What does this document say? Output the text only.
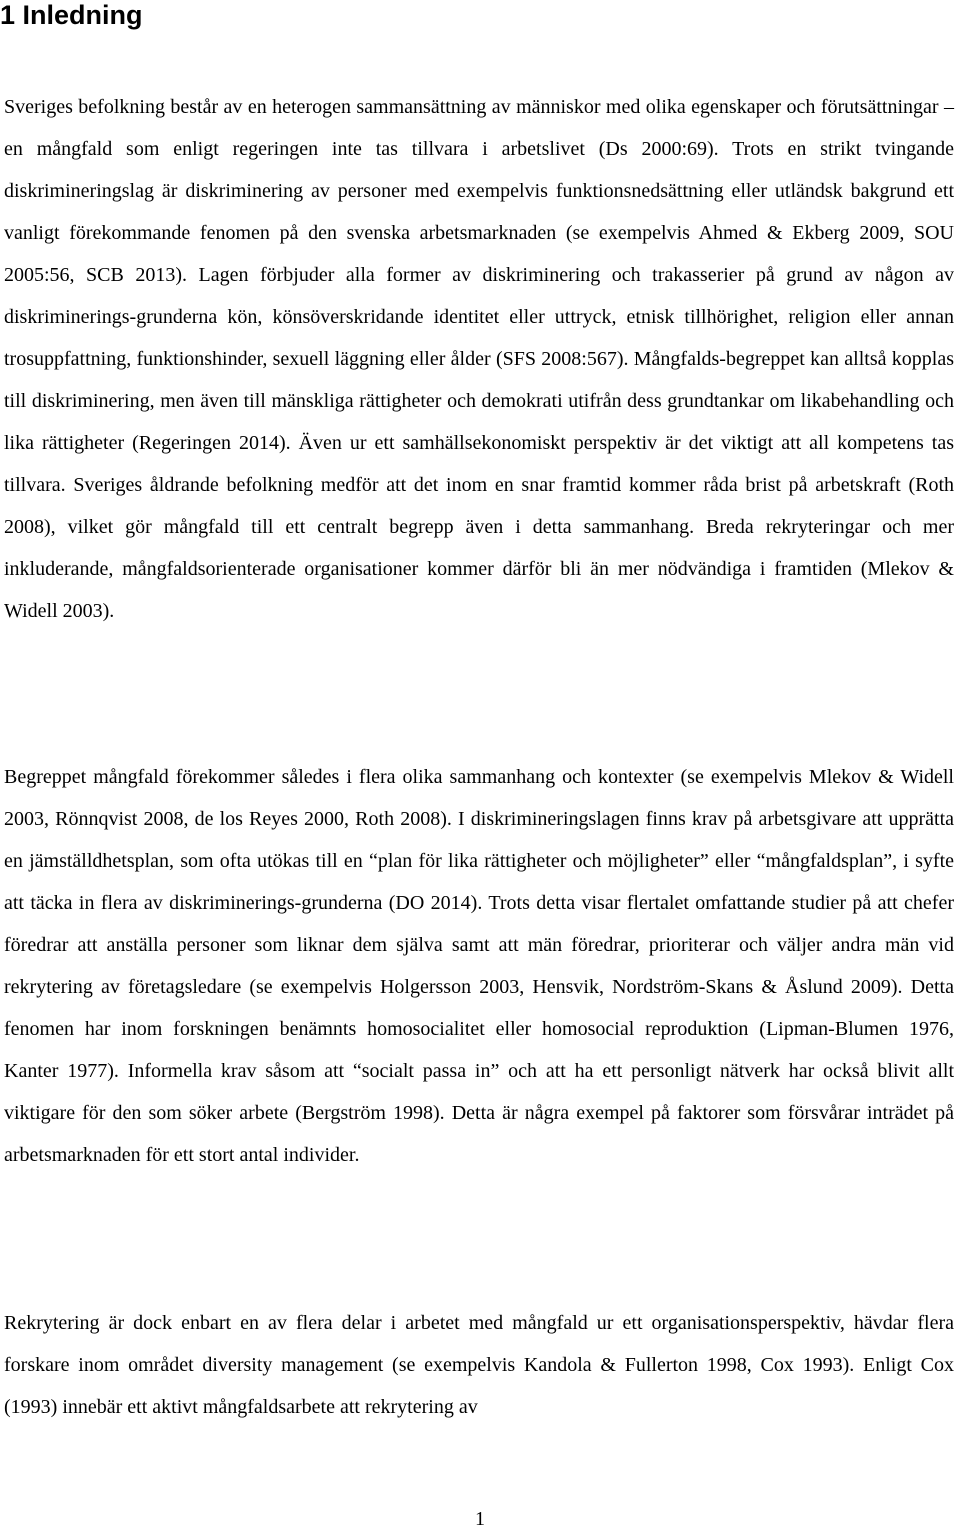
1 Inledning

Sveriges befolkning består av en heterogen sammansättning av människor med olika egenskaper och förutsättningar – en mångfald som enligt regeringen inte tas tillvara i arbetslivet (Ds 2000:69). Trots en strikt tvingande diskrimineringslag är diskriminering av personer med exempelvis funktionsnedsättning eller utländsk bakgrund ett vanligt förekommande fenomen på den svenska arbetsmarknaden (se exempelvis Ahmed & Ekberg 2009, SOU 2005:56, SCB 2013). Lagen förbjuder alla former av diskriminering och trakasserier på grund av någon av diskriminerings-grunderna kön, könsöverskridande identitet eller uttryck, etnisk tillhörighet, religion eller annan trosuppfattning, funktionshinder, sexuell läggning eller ålder (SFS 2008:567). Mångfalds-begreppet kan alltså kopplas till diskriminering, men även till mänskliga rättigheter och demokrati utifrån dess grundtankar om likabehandling och lika rättigheter (Regeringen 2014). Även ur ett samhällsekonomiskt perspektiv är det viktigt att all kompetens tas tillvara. Sveriges åldrande befolkning medför att det inom en snar framtid kommer råda brist på arbetskraft (Roth 2008), vilket gör mångfald till ett centralt begrepp även i detta sammanhang. Breda rekryteringar och mer inkluderande, mångfaldsorienterade organisationer kommer därför bli än mer nödvändiga i framtiden (Mlekov & Widell 2003).

Begreppet mångfald förekommer således i flera olika sammanhang och kontexter (se exempelvis Mlekov & Widell 2003, Rönnqvist 2008, de los Reyes 2000, Roth 2008). I diskrimineringslagen finns krav på arbetsgivare att upprätta en jämställdhetsplan, som ofta utökas till en “plan för lika rättigheter och möjligheter” eller “mångfaldsplan”, i syfte att täcka in flera av diskriminerings-grunderna (DO 2014). Trots detta visar flertalet omfattande studier på att chefer föredrar att anställa personer som liknar dem själva samt att män föredrar, prioriterar och väljer andra män vid rekrytering av företagsledare (se exempelvis Holgersson 2003, Hensvik, Nordström-Skans & Åslund 2009). Detta fenomen har inom forskningen benämnts homosocialitet eller homosocial reproduktion (Lipman-Blumen 1976, Kanter 1977). Informella krav såsom att “socialt passa in” och att ha ett personligt nätverk har också blivit allt viktigare för den som söker arbete (Bergström 1998). Detta är några exempel på faktorer som försvårar inträdet på arbetsmarknaden för ett stort antal individer.

Rekrytering är dock enbart en av flera delar i arbetet med mångfald ur ett organisationsperspektiv, hävdar flera forskare inom området diversity management (se exempelvis Kandola & Fullerton 1998, Cox 1993). Enligt Cox (1993) innebär ett aktivt mångfaldsarbete att rekrytering av

1
